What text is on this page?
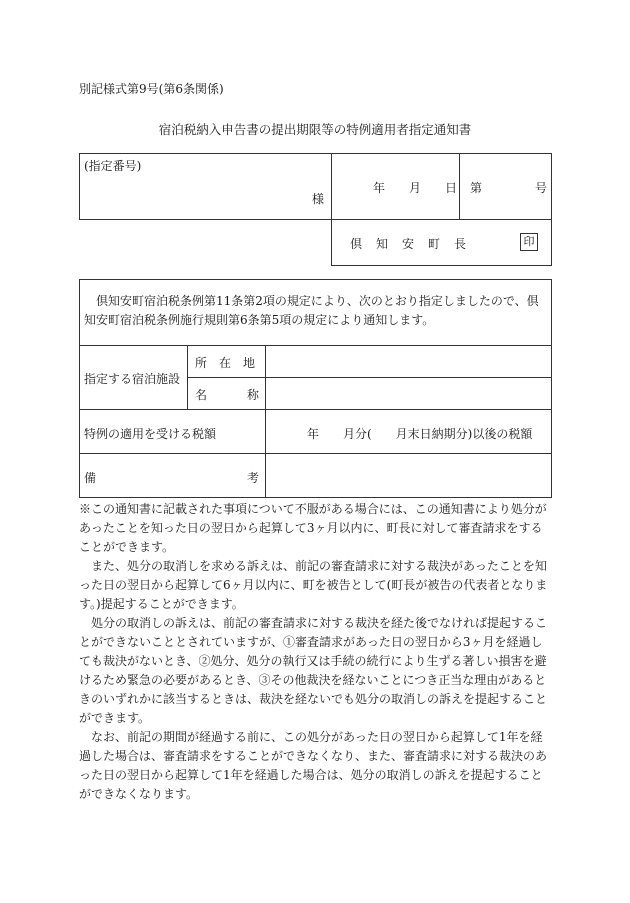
別記様式第9号(第6条関係)
宿泊税納入申告書の提出期限等の特例適用者指定通知書
(指定番号)
様
年 月 日 第	号
倶　知　安　町　長	印
倶知安町宿泊税条例第11条第2項の規定により、次のとおり指定しましたので、倶知安町宿泊税条例施行規則第6条第5項の規定により通知します。
指定する宿泊施設
所　在　地
名	称
特例の適用を受ける税額	年　　月分(　　月末日納期分)以後の税額
備	考
※この通知書に記載された事項について不服がある場合には、この通知書により処分があったことを知った日の翌日から起算して3ヶ月以内に、町長に対して審査請求をすることができます。
　また、処分の取消しを求める訴えは、前記の審査請求に対する裁決があったことを知った日の翌日から起算して6ヶ月以内に、町を被告として(町長が被告の代表者となります。)提起することができます。
　処分の取消しの訴えは、前記の審査請求に対する裁決を経た後でなければ提起することができないこととされていますが、①審査請求があった日の翌日から3ヶ月を経過しても裁決がないとき、②処分、処分の執行又は手続の続行により生ずる著しい損害を避けるため緊急の必要があるとき、③その他裁決を経ないことにつき正当な理由があるときのいずれかに該当するときは、裁決を経ないでも処分の取消しの訴えを提起することができます。
　なお、前記の期間が経過する前に、この処分があった日の翌日から起算して1年を経過した場合は、審査請求をすることができなくなり、また、審査請求に対する裁決のあった日の翌日から起算して1年を経過した場合は、処分の取消しの訴えを提起することができなくなります。
